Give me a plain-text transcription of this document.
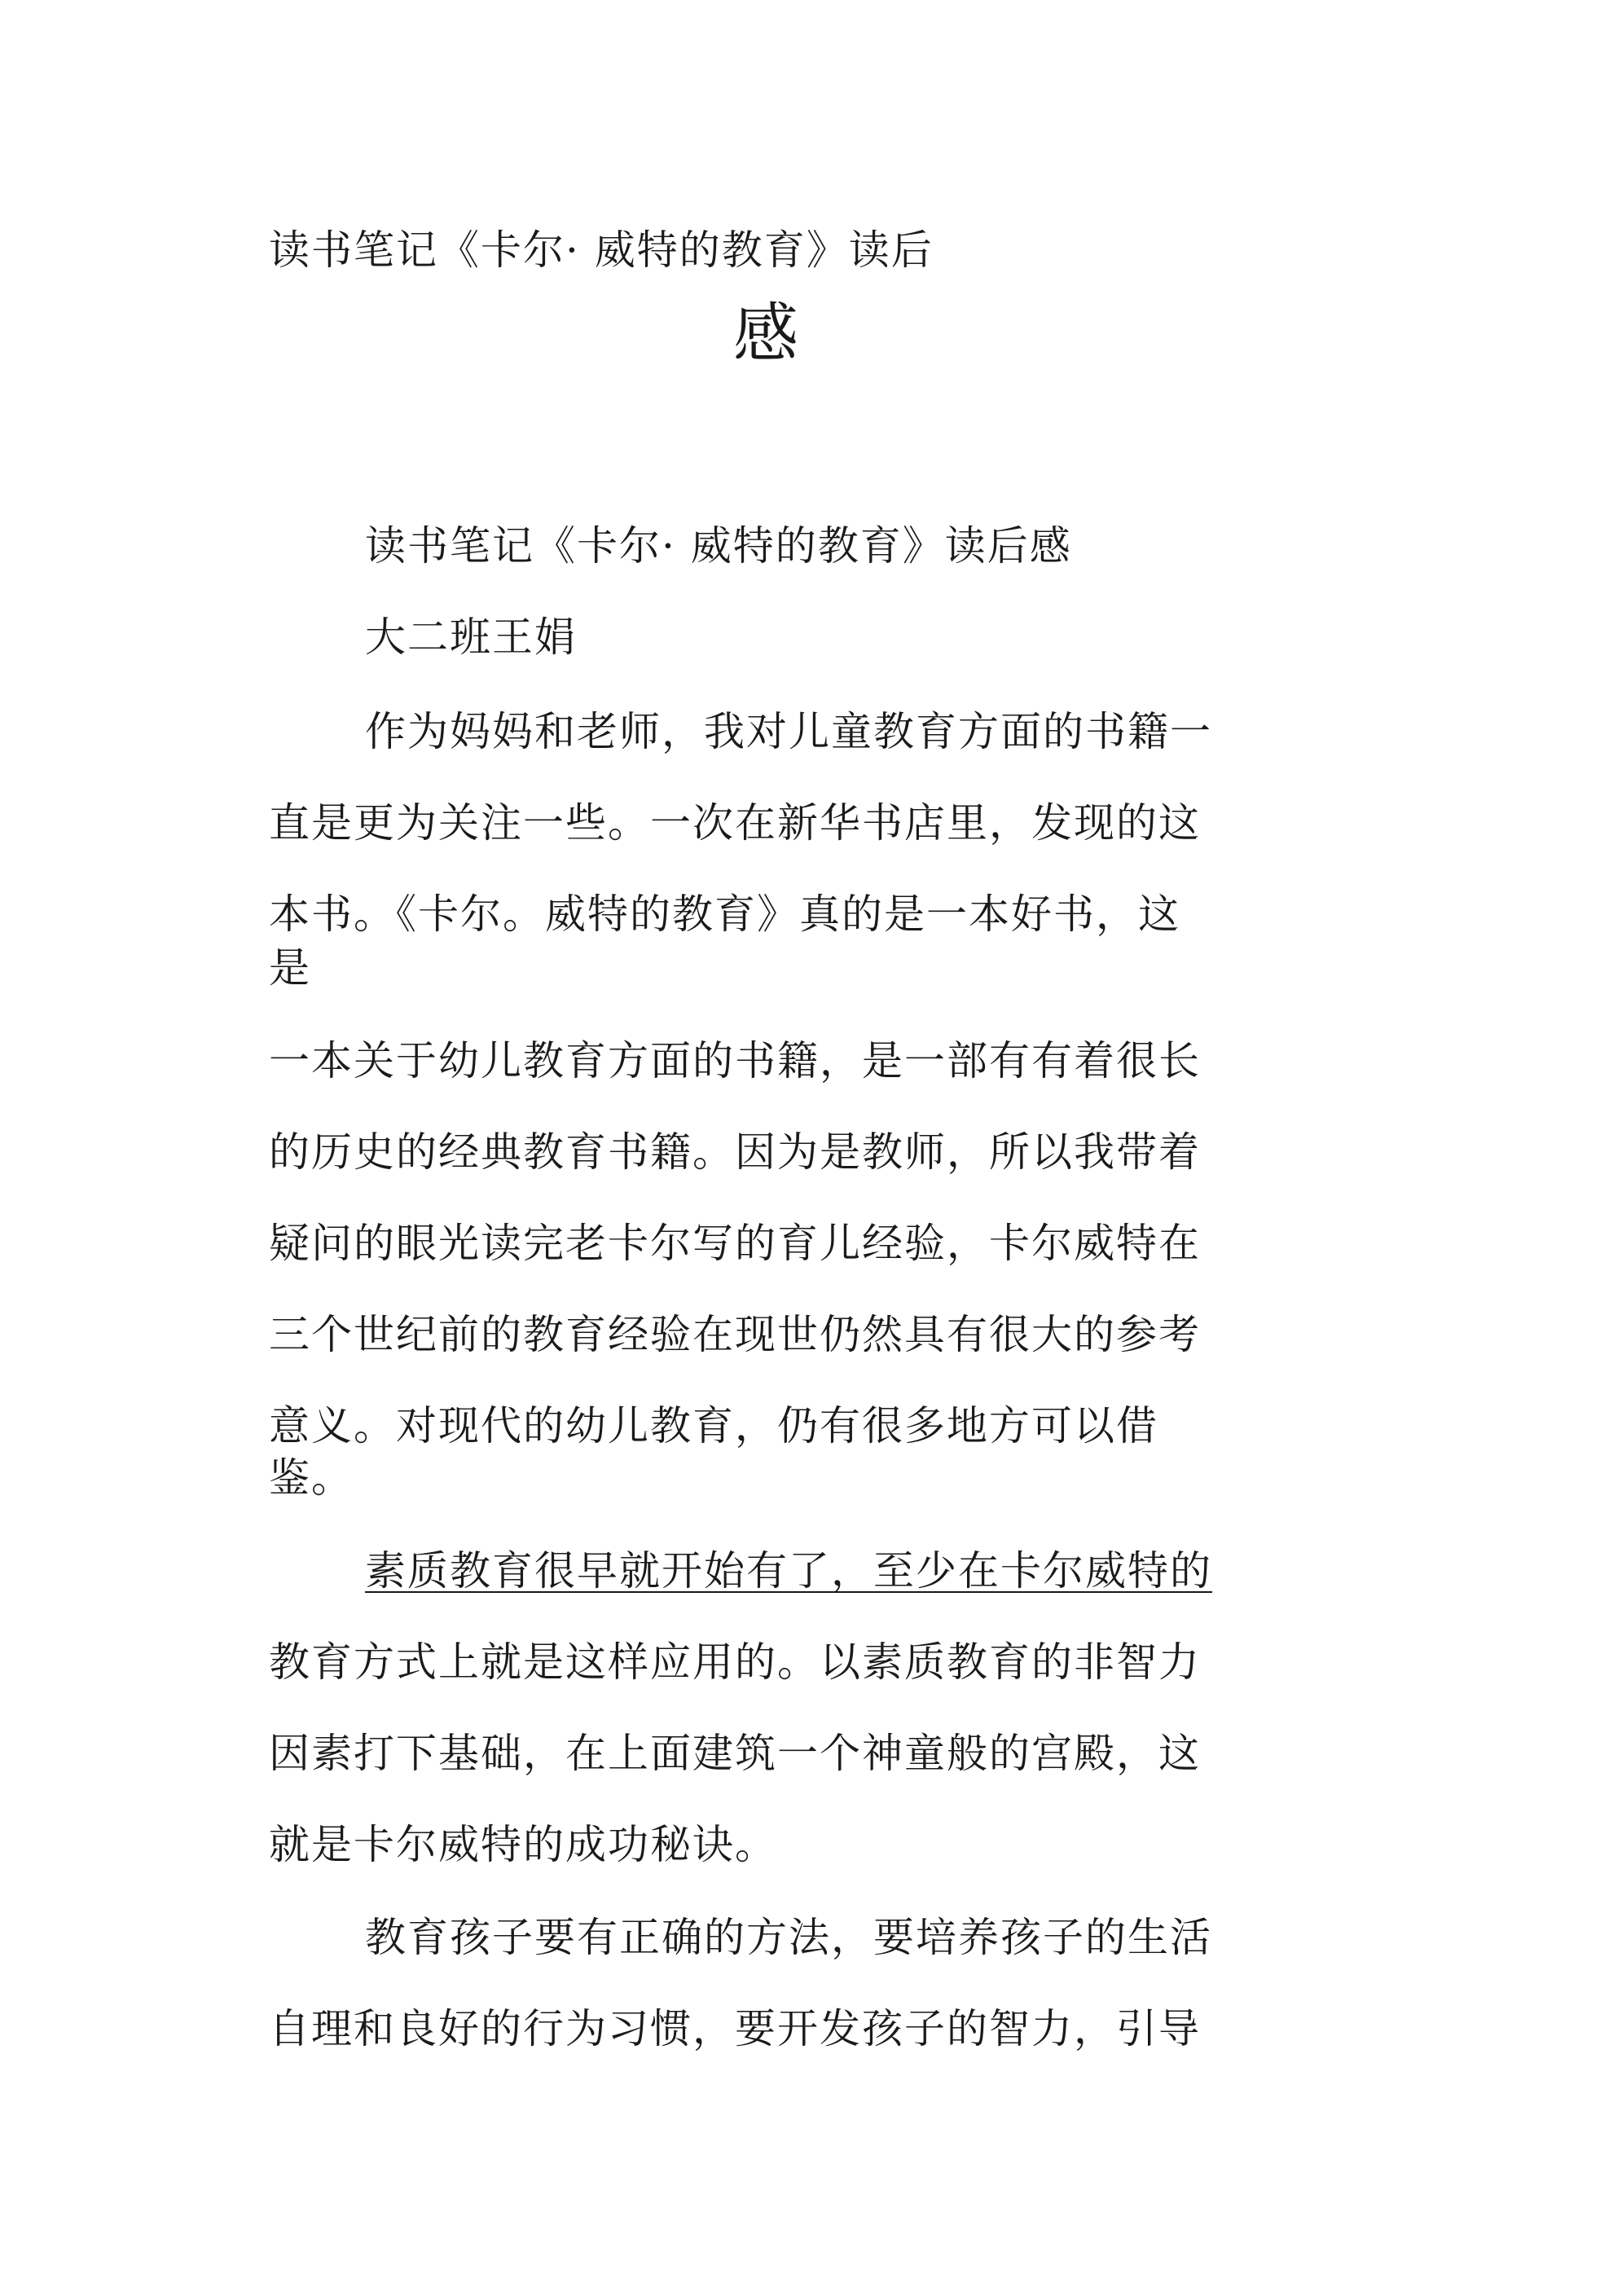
读书笔记《卡尔· 威特的教育》读后
感
读书笔记《卡尔· 威特的教育》读后感
大二班王娟
作为妈妈和老师，我对儿童教育方面的书籍一
直是更为关注一些。一次在新华书店里，发现的这
本书。《卡尔。威特的教育》真的是一本好书，这
是
一本关于幼儿教育方面的书籍，是一部有有着很长
的历史的经典教育书籍。因为是教师，所以我带着
疑问的眼光读完老卡尔写的育儿经验，卡尔威特在
三个世纪前的教育经验在现世仍然具有很大的参考
意义。对现代的幼儿教育，仍有很多地方可以借
鉴。
素质教育很早就开始有了，至少在卡尔威特的
教育方式上就是这样应用的。以素质教育的非智力
因素打下基础，在上面建筑一个神童般的宫殿，这
就是卡尔威特的成功秘诀。
教育孩子要有正确的方法，要培养孩子的生活
自理和良好的行为习惯，要开发孩子的智力，引导
